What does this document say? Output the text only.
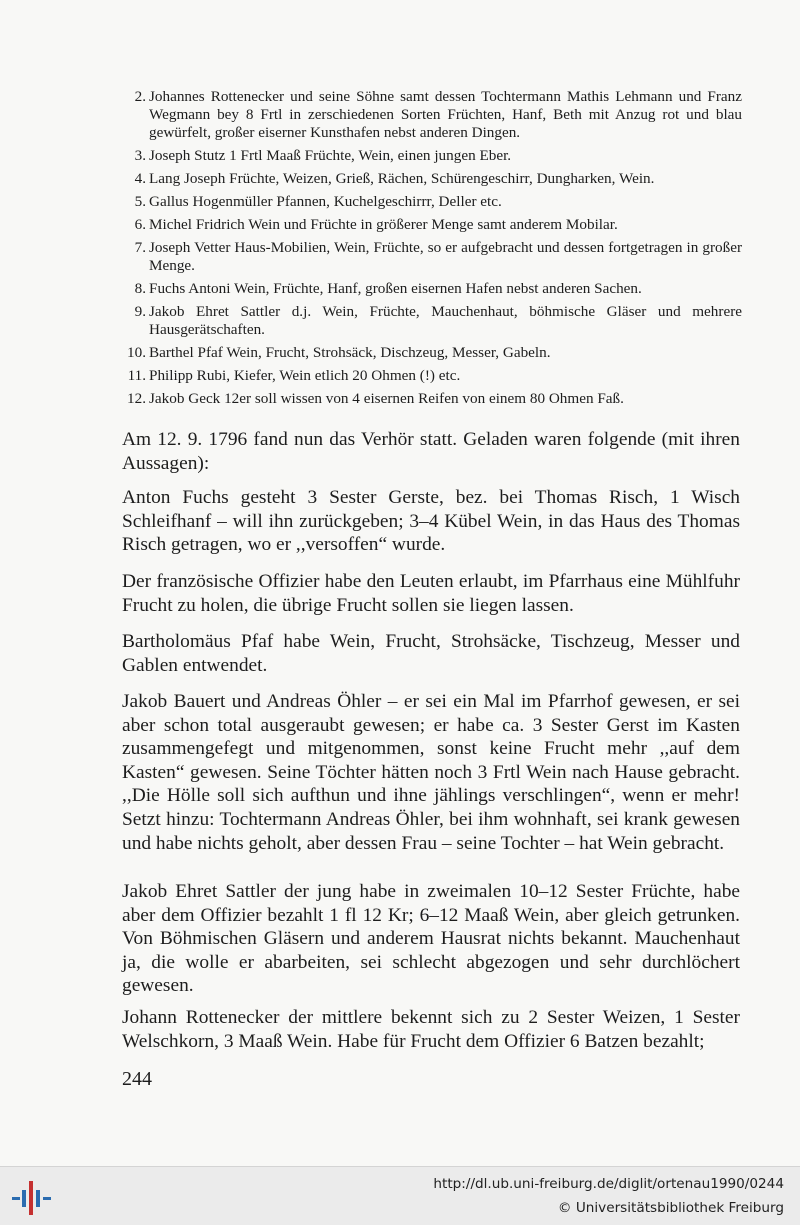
2. Johannes Rottenecker und seine Söhne samt dessen Tochtermann Mathis Lehmann und Franz Wegmann bey 8 Frtl in zerschiedenen Sorten Früchten, Hanf, Beth mit Anzug rot und blau gewürfelt, großer eiserner Kunsthafen nebst anderen Dingen.
3. Joseph Stutz 1 Frtl Maaß Früchte, Wein, einen jungen Eber.
4. Lang Joseph Früchte, Weizen, Grieß, Rächen, Schürengeschirr, Dungharken, Wein.
5. Gallus Hogenmüller Pfannen, Kuchelgeschirrr, Deller etc.
6. Michel Fridrich Wein und Früchte in größerer Menge samt anderem Mobilar.
7. Joseph Vetter Haus-Mobilien, Wein, Früchte, so er aufgebracht und dessen fortgetragen in großer Menge.
8. Fuchs Antoni Wein, Früchte, Hanf, großen eisernen Hafen nebst anderen Sachen.
9. Jakob Ehret Sattler d.j. Wein, Früchte, Mauchenhaut, böhmische Gläser und mehrere Hausgerätschaften.
10. Barthel Pfaf Wein, Frucht, Strohsäck, Dischzeug, Messer, Gabeln.
11. Philipp Rubi, Kiefer, Wein etlich 20 Ohmen (!) etc.
12. Jakob Geck 12er soll wissen von 4 eisernen Reifen von einem 80 Ohmen Faß.

Am 12. 9. 1796 fand nun das Verhör statt. Geladen waren folgende (mit ihren Aussagen):

Anton Fuchs gesteht 3 Sester Gerste, bez. bei Thomas Risch, 1 Wisch Schleifhanf – will ihn zurückgeben; 3–4 Kübel Wein, in das Haus des Thomas Risch getragen, wo er ,,versoffen“ wurde.

Der französische Offizier habe den Leuten erlaubt, im Pfarrhaus eine Mühlfuhr Frucht zu holen, die übrige Frucht sollen sie liegen lassen.

Bartholomäus Pfaf habe Wein, Frucht, Strohsäcke, Tischzeug, Messer und Gablen entwendet.

Jakob Bauert und Andreas Öhler – er sei ein Mal im Pfarrhof gewesen, er sei aber schon total ausgeraubt gewesen; er habe ca. 3 Sester Gerst im Kasten zusammengefegt und mitgenommen, sonst keine Frucht mehr ,,auf dem Kasten“ gewesen. Seine Töchter hätten noch 3 Frtl Wein nach Hause gebracht. ,,Die Hölle soll sich aufthun und ihne jählings verschlingen“, wenn er mehr! Setzt hinzu: Tochtermann Andreas Öhler, bei ihm wohnhaft, sei krank gewesen und habe nichts geholt, aber dessen Frau – seine Tochter – hat Wein gebracht.

Jakob Ehret Sattler der jung habe in zweimalen 10–12 Sester Früchte, habe aber dem Offizier bezahlt 1 fl 12 Kr; 6–12 Maaß Wein, aber gleich getrunken. Von Böhmischen Gläsern und anderem Hausrat nichts bekannt. Mauchenhaut ja, die wolle er abarbeiten, sei schlecht abgezogen und sehr durchlöchert gewesen.

Johann Rottenecker der mittlere bekennt sich zu 2 Sester Weizen, 1 Sester Welschkorn, 3 Maaß Wein. Habe für Frucht dem Offizier 6 Batzen bezahlt;

244
http://dl.ub.uni-freiburg.de/diglit/ortenau1990/0244
© Universitätsbibliothek Freiburg
